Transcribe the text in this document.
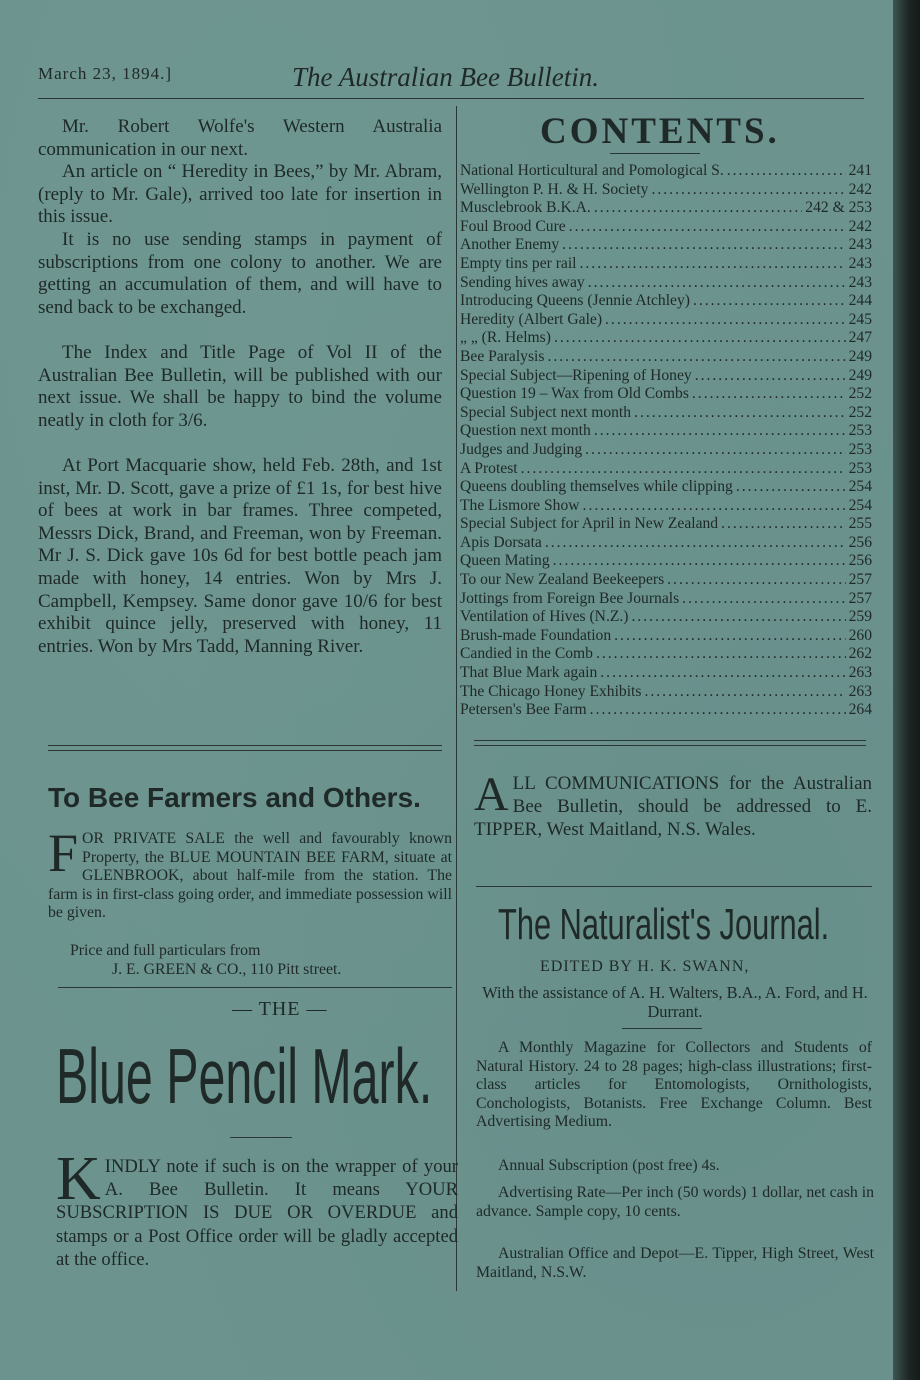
March 23, 1894.]	The Australian Bee Bulletin.
Mr. Robert Wolfe's Western Australia communication in our next.
An article on “ Heredity in Bees,” by Mr. Abram, (reply to Mr. Gale), arrived too late for insertion in this issue.
It is no use sending stamps in payment of subscriptions from one colony to another. We are getting an accumulation of them, and will have to send back to be exchanged.
The Index and Title Page of Vol II of the Australian Bee Bulletin, will be published with our next issue. We shall be happy to bind the volume neatly in cloth for 3/6.
At Port Macquarie show, held Feb. 28th, and 1st inst, Mr. D. Scott, gave a prize of £1 1s, for best hive of bees at work in bar frames. Three competed, Messrs Dick, Brand, and Freeman, won by Freeman. Mr J. S. Dick gave 10s 6d for best bottle peach jam made with honey, 14 entries. Won by Mrs J. Campbell, Kempsey. Same donor gave 10/6 for best exhibit quince jelly, preserved with honey, 11 entries. Won by Mrs Tadd, Manning River.
CONTENTS.
National Horticultural and Pomological S. .....	241
Wellington P. H. & H. Society .....	242
Musclebrook B.K.A. .....	242 & 253
Foul Brood Cure .....	242
Another Enemy .....	243
Empty tins per rail .....	243
Sending hives away .....	243
Introducing Queens (Jennie Atchley) .....	244
Heredity (Albert Gale) .....	245
„ „ (R. Helms) .....	247
Bee Paralysis .....	249
Special Subject—Ripening of Honey .....	249
Question 19 – Wax from Old Combs .....	252
Special Subject next month .....	252
Question next month .....	253
Judges and Judging .....	253
A Protest .....	253
Queens doubling themselves while clipping .....	254
The Lismore Show .....	254
Special Subject for April in New Zealand .....	255
Apis Dorsata .....	256
Queen Mating .....	256
To our New Zealand Beekeepers .....	257
Jottings from Foreign Bee Journals .....	257
Ventilation of Hives (N.Z.) .....	259
Brush-made Foundation .....	260
Candied in the Comb .....	262
That Blue Mark again .....	263
The Chicago Honey Exhibits .....	263
Petersen's Bee Farm .....	264
To Bee Farmers and Others.
FOR PRIVATE SALE the well and favourably known Property, the BLUE MOUNTAIN BEE FARM, situate at GLENBROOK, about half-mile from the station. The farm is in first-class going order, and immediate possession will be given.
Price and full particulars from
J. E. GREEN & CO., 110 Pitt street.
— THE —
Blue Pencil Mark.
KINDLY note if such is on the wrapper of your A. Bee Bulletin. It means YOUR SUBSCRIPTION IS DUE OR OVERDUE and stamps or a Post Office order will be gladly accepted at the office.
ALL COMMUNICATIONS for the Australian Bee Bulletin, should be addressed to E. TIPPER, West Maitland, N.S. Wales.
The Naturalist's Journal.
EDITED BY H. K. SWANN,
With the assistance of A. H. Walters, B.A., A. Ford, and H. Durrant.
A Monthly Magazine for Collectors and Students of Natural History. 24 to 28 pages; high-class illustrations; first-class articles for Entomologists, Ornithologists, Conchologists, Botanists. Free Exchange Column. Best Advertising Medium.
Annual Subscription (post free) 4s.
Advertising Rate—Per inch (50 words) 1 dollar, net cash in advance. Sample copy, 10 cents.
Australian Office and Depot—E. Tipper, High Street, West Maitland, N.S.W.
